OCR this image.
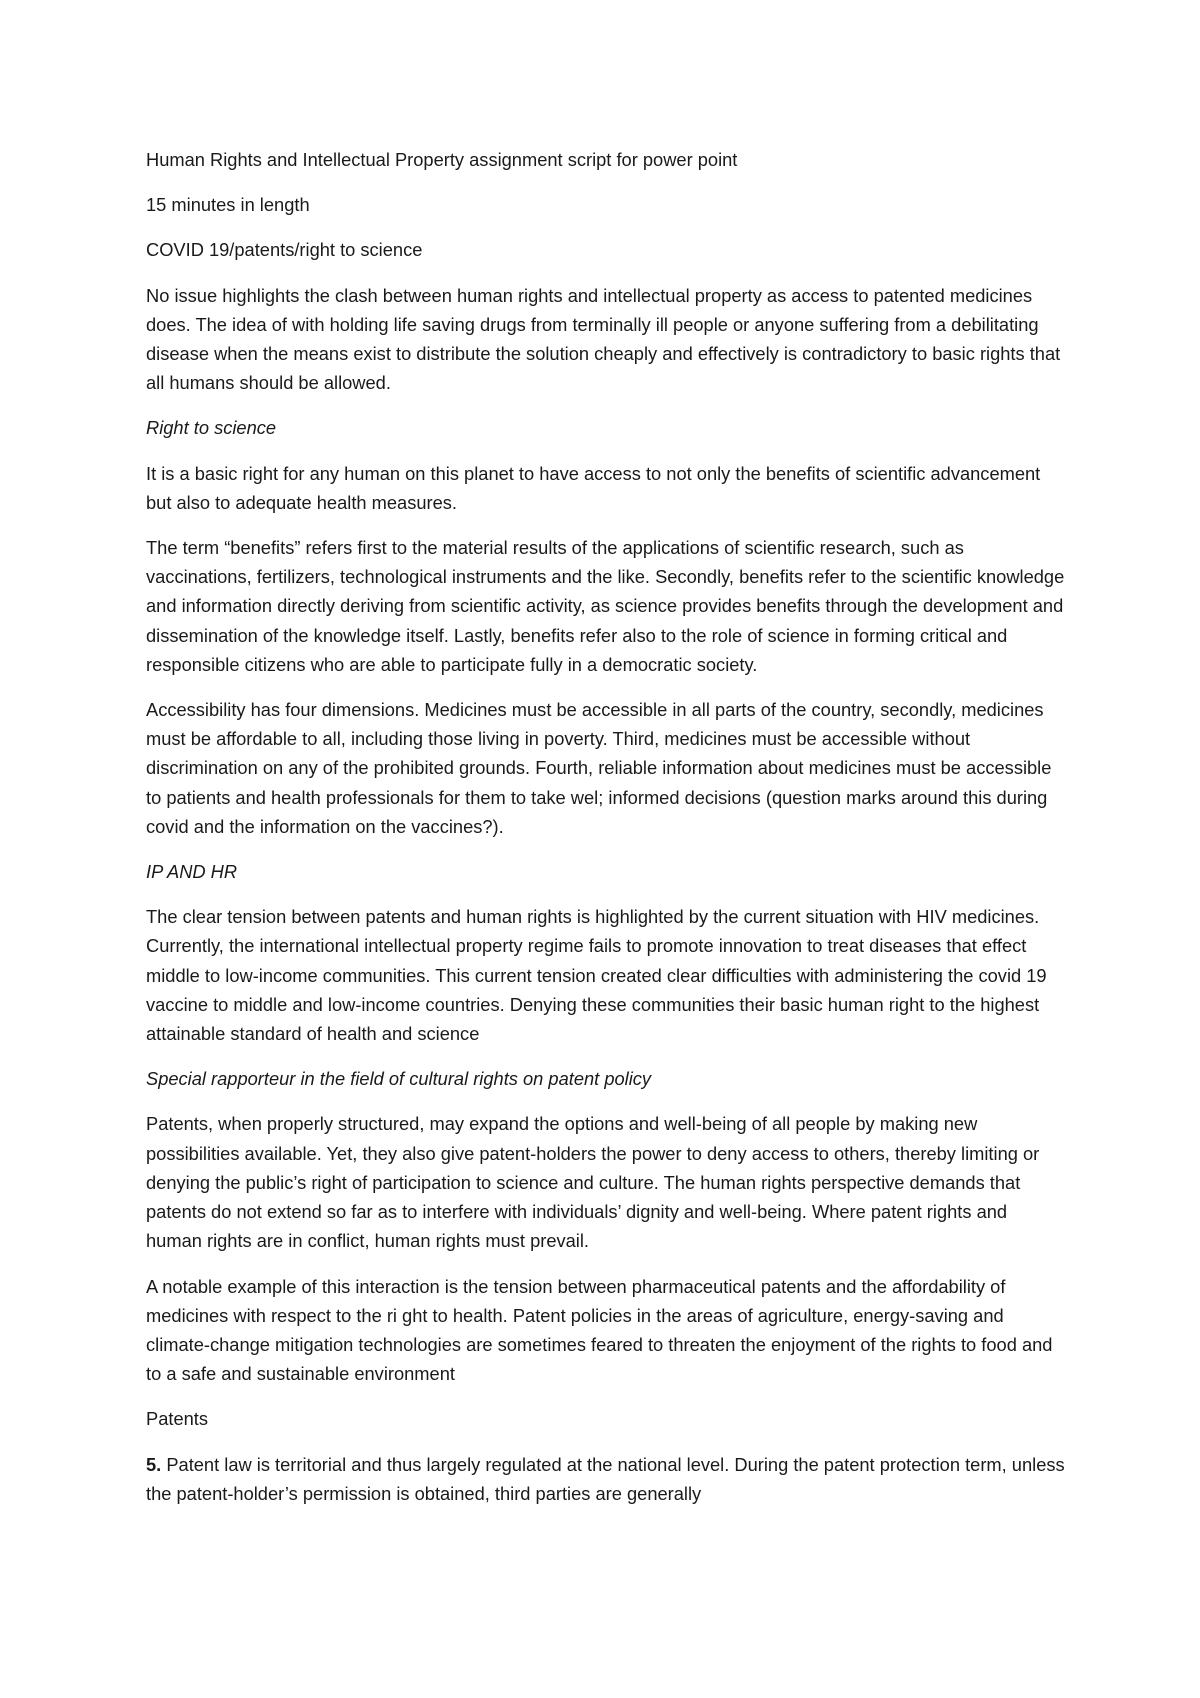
Human Rights and Intellectual Property assignment script for power point

15 minutes in length

COVID 19/patents/right to science

No issue highlights the clash between human rights and intellectual property as access to patented medicines does. The idea of with holding life saving drugs from terminally ill people or anyone suffering from a debilitating disease when the means exist to distribute the solution cheaply and effectively is contradictory to basic rights that all humans should be allowed.

Right to science

It is a basic right for any human on this planet to have access to not only the benefits of scientific advancement but also to adequate health measures.

The term “benefits” refers first to the material results of the applications of scientific research, such as vaccinations, fertilizers, technological instruments and the like. Secondly, benefits refer to the scientific knowledge and information directly deriving from scientific activity, as science provides benefits through the development and dissemination of the knowledge itself. Lastly, benefits refer also to the role of science in forming critical and responsible citizens who are able to participate fully in a democratic society.

Accessibility has four dimensions. Medicines must be accessible in all parts of the country, secondly, medicines must be affordable to all, including those living in poverty. Third, medicines must be accessible without discrimination on any of the prohibited grounds. Fourth, reliable information about medicines must be accessible to patients and health professionals for them to take wel; informed decisions (question marks around this during covid and the information on the vaccines?).

IP AND HR

The clear tension between patents and human rights is highlighted by the current situation with HIV medicines. Currently, the international intellectual property regime fails to promote innovation to treat diseases that effect middle to low-income communities. This current tension created clear difficulties with administering the covid 19 vaccine to middle and low-income countries. Denying these communities their basic human right to the highest attainable standard of health and science

Special rapporteur in the field of cultural rights on patent policy

Patents, when properly structured, may expand the options and well-being of all people by making new possibilities available. Yet, they also give patent-holders the power to deny access to others, thereby limiting or denying the public’s right of participation to science and culture. The human rights perspective demands that patents do not extend so far as to interfere with individuals’ dignity and well-being. Where patent rights and human rights are in conflict, human rights must prevail.

A notable example of this interaction is the tension between pharmaceutical patents and the affordability of medicines with respect to the ri ght to health. Patent policies in the areas of agriculture, energy-saving and climate-change mitigation technologies are sometimes feared to threaten the enjoyment of the rights to food and to a safe and sustainable environment

Patents

5. Patent law is territorial and thus largely regulated at the national level. During the patent protection term, unless the patent-holder’s permission is obtained, third parties are generally
